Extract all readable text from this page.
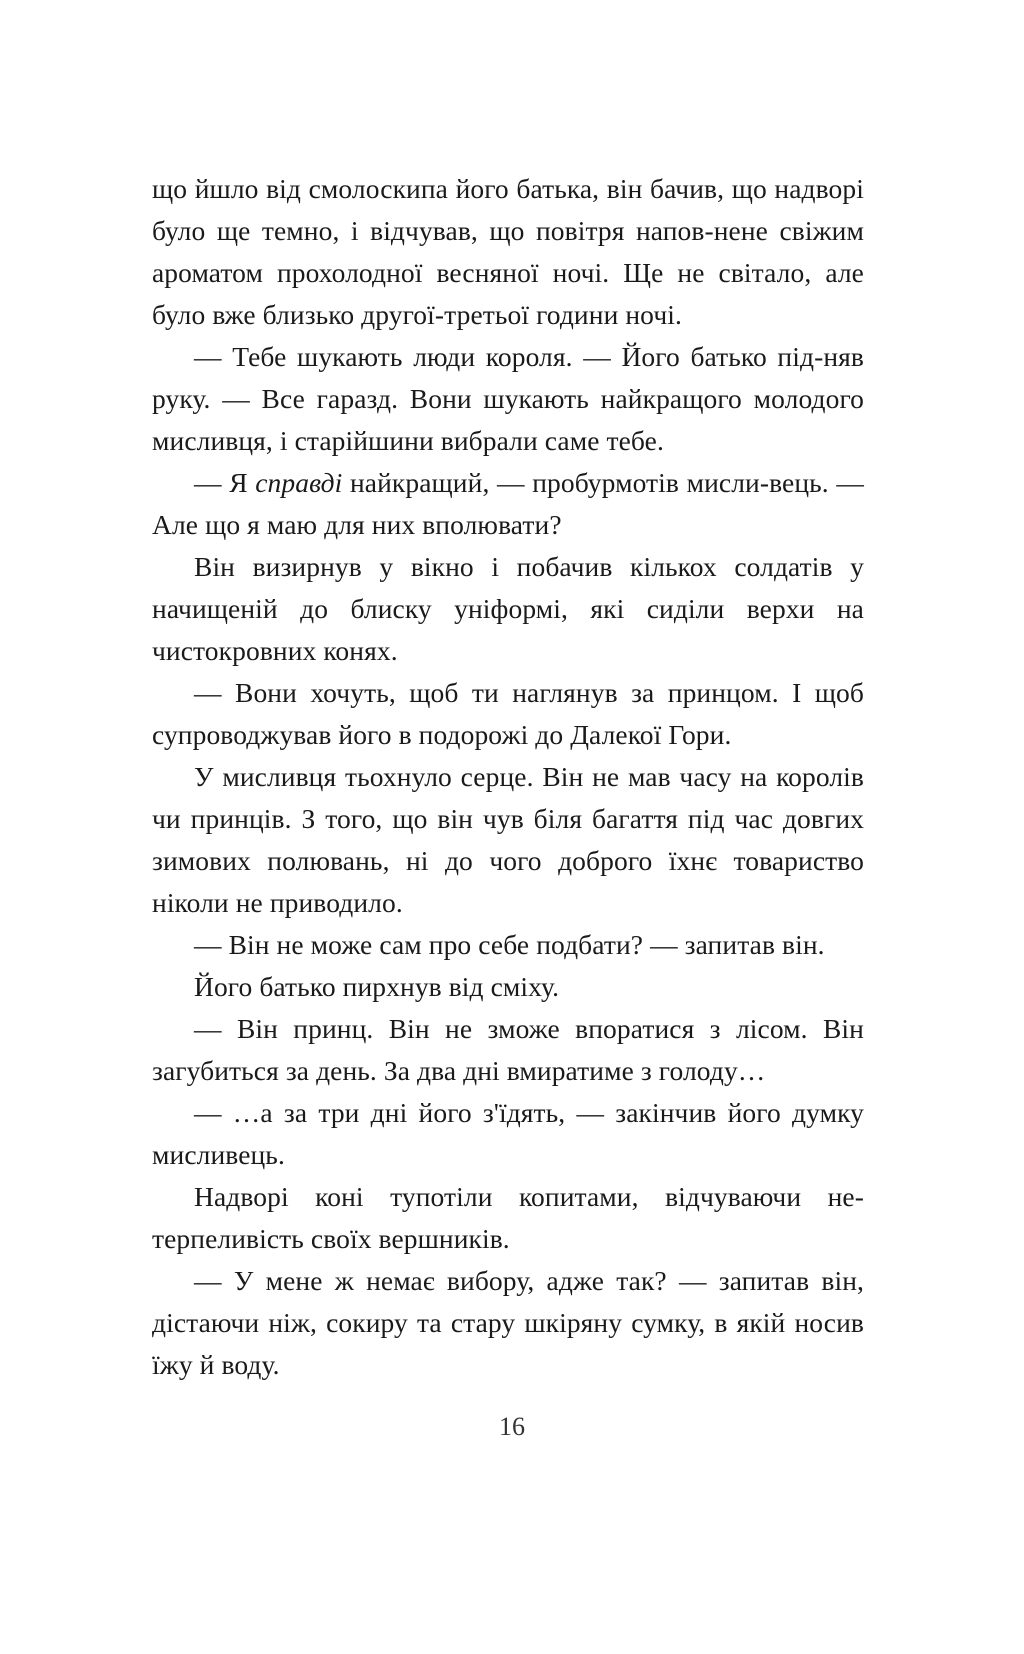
що йшло від смолоскипа його батька, він бачив, що надворі було ще темно, і відчував, що повітря напов-нене свіжим ароматом прохолодної весняної ночі. Ще не світало, але було вже близько другої-третьої години ночі.

— Тебе шукають люди короля. — Його батько під-няв руку. — Все гаразд. Вони шукають найкращого молодого мисливця, і старійшини вибрали саме тебе.

— Я справді найкращий, — пробурмотів мисли-вець. — Але що я маю для них вполювати?

Він визирнув у вікно і побачив кількох солдатів у начищеній до блиску уніформі, які сиділи верхи на чистокровних конях.

— Вони хочуть, щоб ти наглянув за принцом. І щоб супроводжував його в подорожі до Далекої Гори.

У мисливця тьохнуло серце. Він не мав часу на королів чи принців. З того, що він чув біля багаття під час довгих зимових полювань, ні до чого доброго їхнє товариство ніколи не приводило.

— Він не може сам про себе подбати? — запитав він.

Його батько пирхнув від сміху.

— Він принц. Він не зможе впоратися з лісом. Він загубиться за день. За два дні вмиратиме з голоду…

— …а за три дні його з'їдять, — закінчив його думку мисливець.

Надворі коні тупотіли копитами, відчуваючи не-терпеливість своїх вершників.

— У мене ж немає вибору, адже так? — запитав він, дістаючи ніж, сокиру та стару шкіряну сумку, в якій носив їжу й воду.

16
